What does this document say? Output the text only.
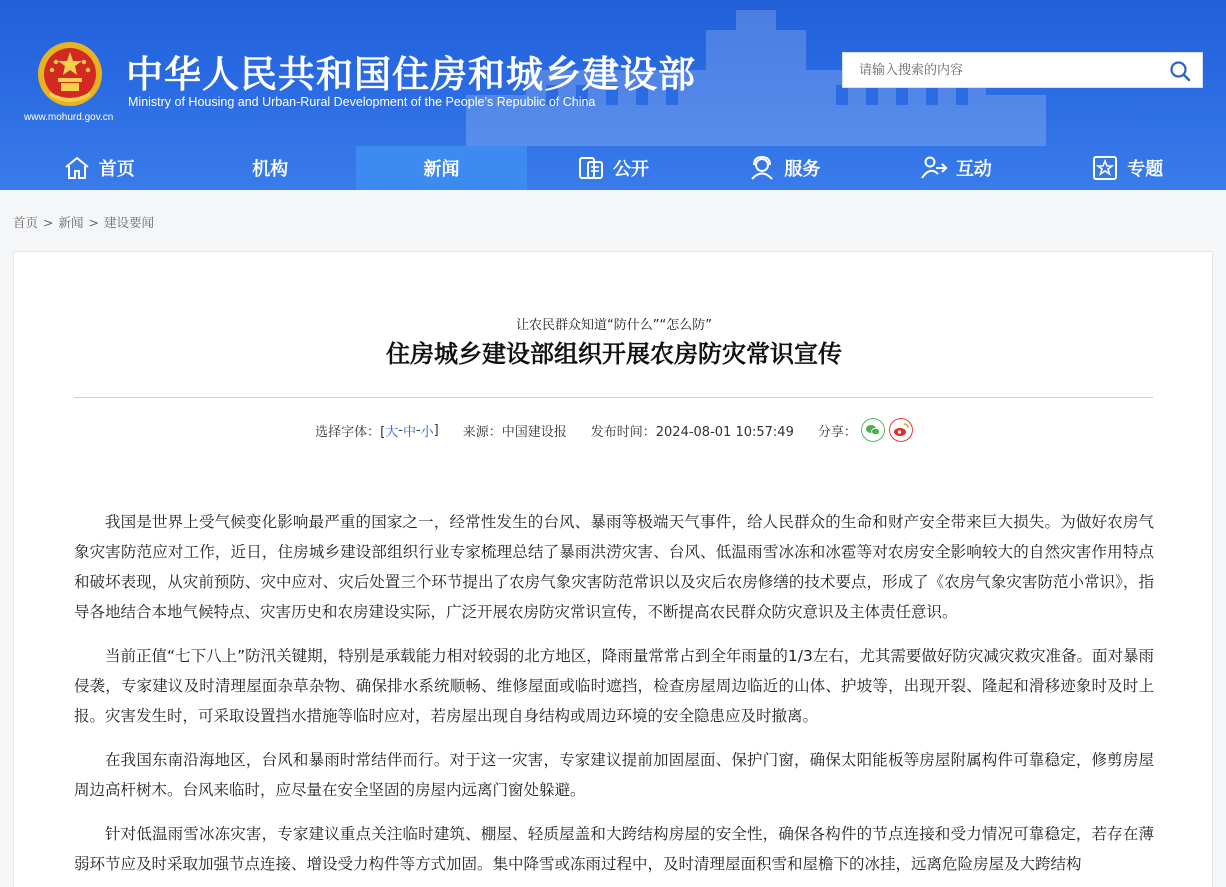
www.mohurd.gov.cn
中华人民共和国住房和城乡建设部
Ministry of Housing and Urban-Rural Development of the People’s Republic of China
请输入搜索的内容
首页	机构	新闻	公开	服务	互动	专题
首页 > 新闻 > 建设要闻
让农民群众知道“防什么”“怎么防”
住房城乡建设部组织开展农房防灾常识宣传
选择字体：[ 大 - 中 - 小 ] 来源：中国建设报 发布时间：2024-08-01 10:57:49 分享：

我国是世界上受气候变化影响最严重的国家之一，经常性发生的台风、暴雨等极端天气事件，给人民群众的生命和财产安全带来巨大损失。为做好农房气象灾害防范应对工作，近日，住房城乡建设部组织行业专家梳理总结了暴雨洪涝灾害、台风、低温雨雪冰冻和冰雹等对农房安全影响较大的自然灾害作用特点和破坏表现，从灾前预防、灾中应对、灾后处置三个环节提出了农房气象灾害防范常识以及灾后农房修缮的技术要点，形成了《农房气象灾害防范小常识》，指导各地结合本地气候特点、灾害历史和农房建设实际，广泛开展农房防灾常识宣传，不断提高农民群众防灾意识及主体责任意识。

当前正值“七下八上”防汛关键期，特别是承载能力相对较弱的北方地区，降雨量常常占到全年雨量的1/3左右，尤其需要做好防灾减灾救灾准备。面对暴雨侵袭，专家建议及时清理屋面杂草杂物、确保排水系统顺畅、维修屋面或临时遮挡，检查房屋周边临近的山体、护坡等，出现开裂、隆起和滑移迹象时及时上报。灾害发生时，可采取设置挡水措施等临时应对，若房屋出现自身结构或周边环境的安全隐患应及时撤离。

在我国东南沿海地区，台风和暴雨时常结伴而行。对于这一灾害，专家建议提前加固屋面、保护门窗，确保太阳能板等房屋附属构件可靠稳定，修剪房屋周边高杆树木。台风来临时，应尽量在安全坚固的房屋内远离门窗处躲避。

针对低温雨雪冰冻灾害，专家建议重点关注临时建筑、棚屋、轻质屋盖和大跨结构房屋的安全性，确保各构件的节点连接和受力情况可靠稳定，若存在薄弱环节应及时采取加强节点连接、增设受力构件等方式加固。集中降雪或冻雨过程中，及时清理屋面积雪和屋檐下的冰挂，远离危险房屋及大跨结构
